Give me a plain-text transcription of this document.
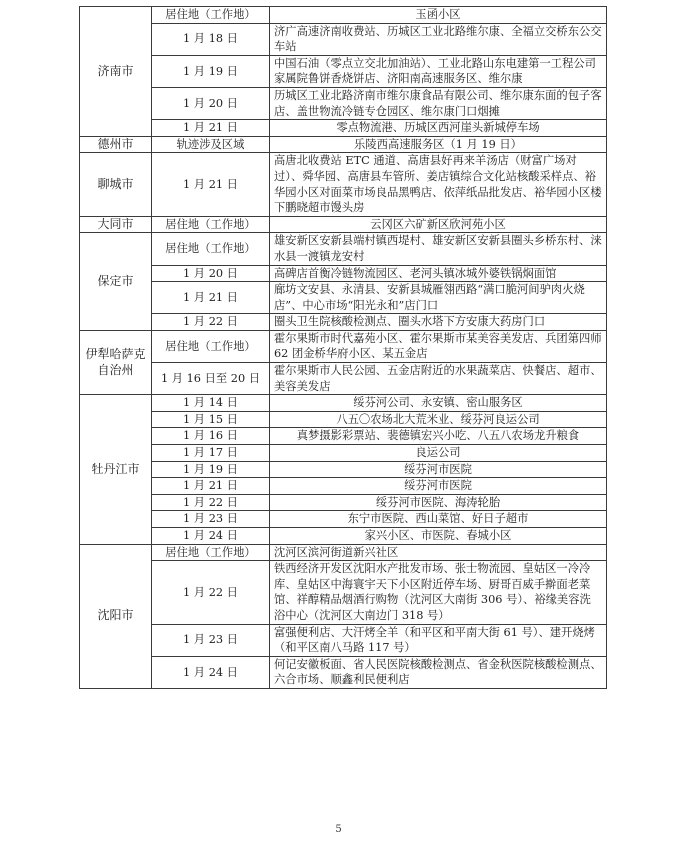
济南市	居住地（工作地）	玉函小区
	1 月 18 日	济广高速济南收费站、历城区工业北路维尔康、全福立交桥东公交车站
	1 月 19 日	中国石油（零点立交北加油站）、工业北路山东电建第一工程公司家属院鲁饼香烧饼店、济阳南高速服务区、维尔康
	1 月 20 日	历城区工业北路济南市维尔康食品有限公司、维尔康东面的包子客店、盖世物流冷链专仓园区、维尔康门口烟摊
	1 月 21 日	零点物流港、历城区西河崖头新城停车场
德州市	轨迹涉及区域	乐陵西高速服务区（1 月 19 日）
聊城市	1 月 21 日	高唐北收费站 ETC 通道、高唐县好再来羊汤店（财富广场对过）、舜华园、高唐县车管所、姜店镇综合文化站核酸采样点、裕华园小区对面菜市场良品黑鸭店、依萍纸品批发店、裕华园小区楼下鹏晓超市馒头房
大同市	居住地（工作地）	云冈区六矿新区欣河苑小区
保定市	居住地（工作地）	雄安新区安新县端村镇西堤村、雄安新区安新县圈头乡桥东村、涞水县一渡镇龙安村
	1 月 20 日	高碑店首衡冷链物流园区、老河头镇冰城外婆铁锅焖面馆
	1 月 21 日	廊坊文安县、永清县、安新县城雁翎西路“满口脆河间驴肉火烧店”、中心市场“阳光永和”店门口
	1 月 22 日	圈头卫生院核酸检测点、圈头水塔下方安康大药房门口
伊犁哈萨克自治州	居住地（工作地）	霍尔果斯市时代嘉苑小区、霍尔果斯市某美容美发店、兵团第四师 62 团金桥华府小区、某五金店
	1 月 16 日至 20 日	霍尔果斯市人民公园、五金店附近的水果蔬菜店、快餐店、超市、美容美发店
牡丹江市	1 月 14 日	绥芬河公司、永安镇、密山服务区
	1 月 15 日	八五〇农场北大荒米业、绥芬河良运公司
	1 月 16 日	真梦摄影彩票站、裴德镇宏兴小吃、八五八农场龙升粮食
	1 月 17 日	良运公司
	1 月 19 日	绥芬河市医院
	1 月 21 日	绥芬河市医院
	1 月 22 日	绥芬河市医院、海涛轮胎
	1 月 23 日	东宁市医院、西山菜馆、好日子超市
	1 月 24 日	家兴小区、市医院、春城小区
沈阳市	居住地（工作地）	沈河区滨河街道新兴社区
	1 月 22 日	铁西经济开发区沈阳水产批发市场、张士物流园、皇姑区一冷冷库、皇姑区中海寰宇天下小区附近停车场、厨哥百威手擀面老菜馆、祥醇精品烟酒行购物（沈河区大南街 306 号）、裕缘美容洗浴中心（沈河区大南边门 318 号）
	1 月 23 日	富强便利店、大汗烤全羊（和平区和平南大街 61 号）、建开烧烤（和平区南八马路 117 号）
	1 月 24 日	何记安徽板面、省人民医院核酸检测点、省金秋医院核酸检测点、六合市场、顺鑫利民便利店
5
